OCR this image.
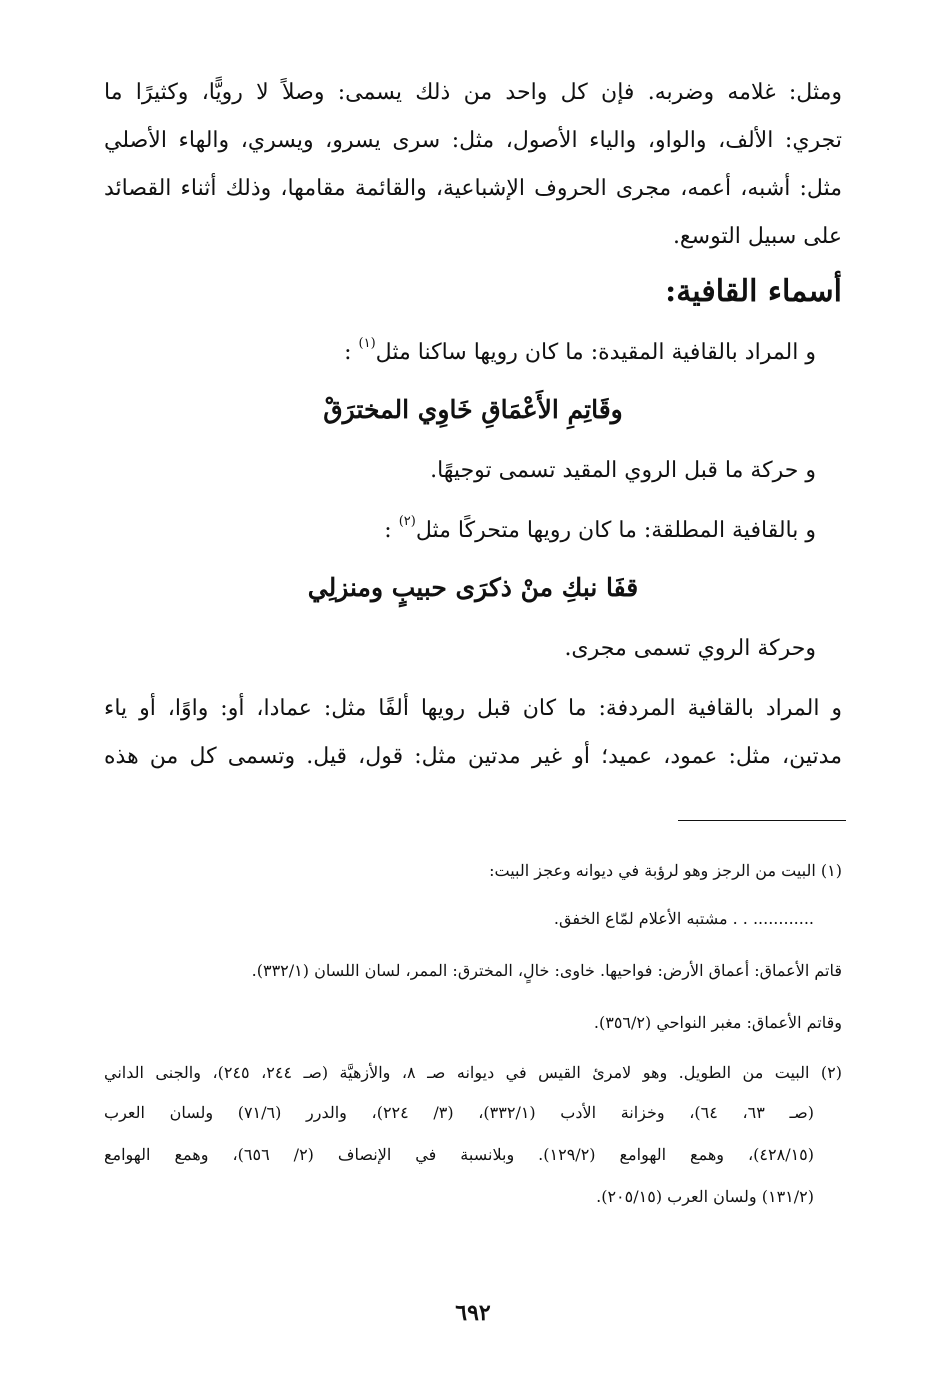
ومثل: غلامه وضربه. فإن كل واحد من ذلك يسمى: وصلاً لا رويًّا، وكثيرًا ما
تجري: الألف، والواو، والياء الأصول، مثل: سرى يسرو، ويسري، والهاء الأصلي
مثل: أشبه، أعمه، مجرى الحروف الإشباعية، والقائمة مقامها، وذلك أثناء القصائد
على سبيل التوسع.
أسماء القافية:
و المراد بالقافية المقيدة: ما كان رويها ساكنا مثل$^{(١)}$ :
وقَاتِمِ الأَعْمَاقِ خَاوِي المخترَقْ
و حركة ما قبل الروي المقيد تسمى توجيهًا.
و بالقافية المطلقة: ما كان رويها متحركًا مثل$^{(٢)}$ :
قفَا نبكِ منْ ذكرَى حبيبٍ ومنزلِي
وحركة الروي تسمى مجرى.
و المراد بالقافية المردفة: ما كان قبل رويها ألفًا مثل: عمادا، أو: واوًا، أو ياء
مدتين، مثل: عمود، عميد؛ أو غير مدتين مثل: قول، قيل. وتسمى كل من هذه
(١) البيت من الرجز وهو لرؤبة في ديوانه وعجز البيت:
............ . . مشتبه الأعلام لمّاع الخفق.
قاتم الأعماق: أعماق الأرض: فواحيها. خاوى: خالٍ، المخترق: الممر، لسان اللسان (٣٣٢/١).
وقاتم الأعماق: مغبر النواحي (٣٥٦/٢).
(٢) البيت من الطويل. وهو لامرئ القيس في ديوانه صـ ٨، والأزهيَّة (صـ ٢٤٤، ٢٤٥)، والجنى الداني
(صـ ٦٣، ٦٤)، وخزانة الأدب (٣٣٢/١)، (٣/ ٢٢٤)، والدرر (٧١/٦) ولسان العرب
(٤٢٨/١٥)، وهمع الهوامع (١٢٩/٢). وبلانسبة في الإنصاف (٢/ ٦٥٦)، وهمع الهوامع
(١٣١/٢) ولسان العرب (٢٠٥/١٥).
٦٩٢
